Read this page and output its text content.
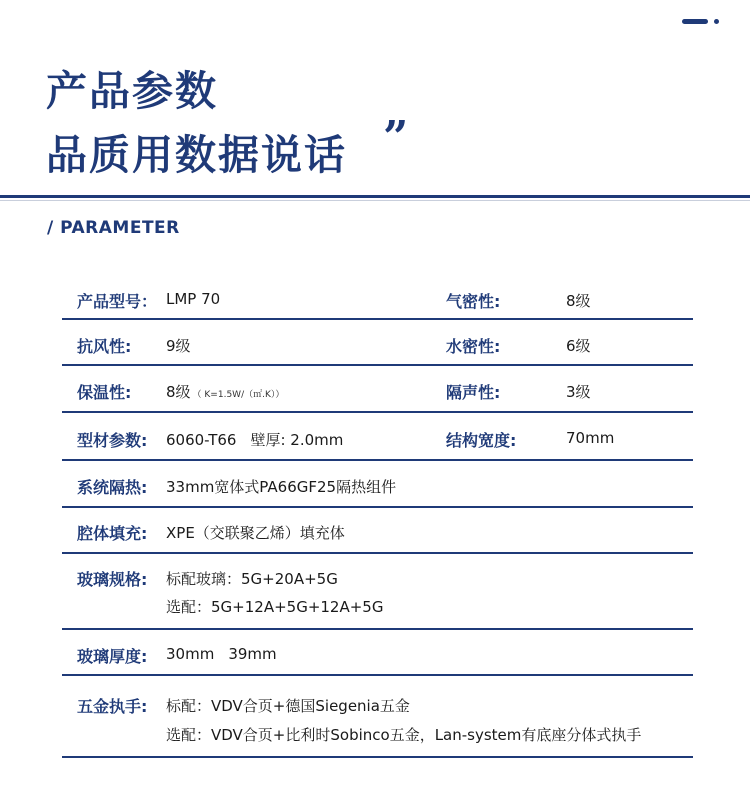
产品参数
品质用数据说话 ”
/ PARAMETER
产品型号： LMP 70	气密性:	8级
抗风性: 9级	水密性:	6级
保温性: 8级 （ K=1.5W/（㎡.K））	隔声性:	3级
型材参数: 6060-T66 壁厚: 2.0mm	结构宽度:	70mm
系统隔热: 33mm宽体式PA66GF25隔热组件
腔体填充: XPE（交联聚乙烯）填充体
玻璃规格: 标配玻璃：5G+20A+5G
选配：5G+12A+5G+12A+5G
玻璃厚度: 30mm 39mm
五金执手: 标配：VDV合页+德国Siegenia五金
选配：VDV合页+比利时Sobinco五金，Lan-system有底座分体式执手
